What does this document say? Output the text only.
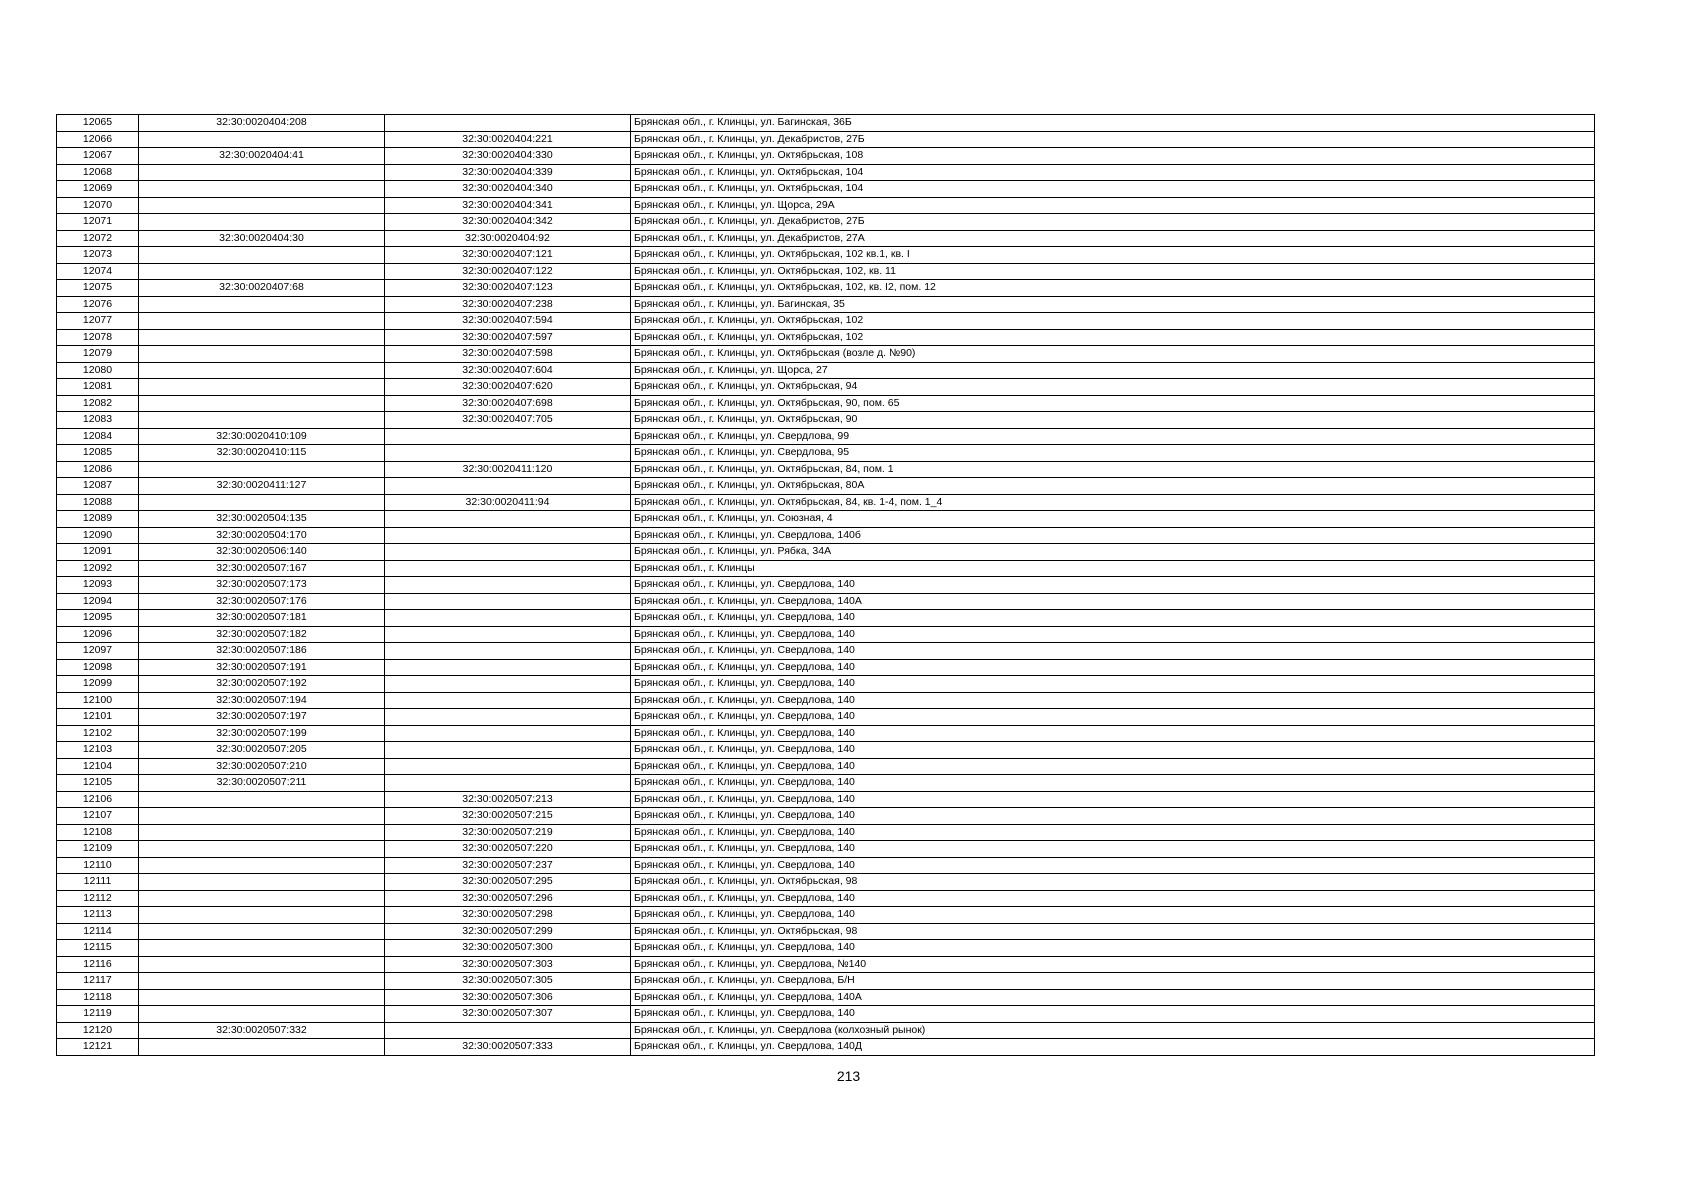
12065	32:30:0020404:208		Брянская обл., г. Клинцы, ул. Багинская, 36Б
12066		32:30:0020404:221	Брянская обл., г. Клинцы, ул. Декабристов, 27Б
12067	32:30:0020404:41	32:30:0020404:330	Брянская обл., г. Клинцы, ул. Октябрьская, 108
12068		32:30:0020404:339	Брянская обл., г. Клинцы, ул. Октябрьская, 104
12069		32:30:0020404:340	Брянская обл., г. Клинцы, ул. Октябрьская, 104
12070		32:30:0020404:341	Брянская обл., г. Клинцы, ул. Щорса, 29А
12071		32:30:0020404:342	Брянская обл., г. Клинцы, ул. Декабристов, 27Б
12072	32:30:0020404:30	32:30:0020404:92	Брянская обл., г. Клинцы, ул. Декабристов, 27А
12073		32:30:0020407:121	Брянская обл., г. Клинцы, ул. Октябрьская, 102 кв.1, кв. I
12074		32:30:0020407:122	Брянская обл., г. Клинцы, ул. Октябрьская, 102, кв. 11
12075	32:30:0020407:68	32:30:0020407:123	Брянская обл., г. Клинцы, ул. Октябрьская, 102, кв. I2, пом. 12
12076		32:30:0020407:238	Брянская обл., г. Клинцы, ул. Багинская, 35
12077		32:30:0020407:594	Брянская обл., г. Клинцы, ул. Октябрьская, 102
12078		32:30:0020407:597	Брянская обл., г. Клинцы, ул. Октябрьская, 102
12079		32:30:0020407:598	Брянская обл., г. Клинцы, ул. Октябрьская (возле д. №90)
12080		32:30:0020407:604	Брянская обл., г. Клинцы, ул. Щорса, 27
12081		32:30:0020407:620	Брянская обл., г. Клинцы, ул. Октябрьская, 94
12082		32:30:0020407:698	Брянская обл., г. Клинцы, ул. Октябрьская, 90, пом. 65
12083		32:30:0020407:705	Брянская обл., г. Клинцы, ул. Октябрьская, 90
12084	32:30:0020410:109		Брянская обл., г. Клинцы, ул. Свердлова, 99
12085	32:30:0020410:115		Брянская обл., г. Клинцы, ул. Свердлова, 95
12086		32:30:0020411:120	Брянская обл., г. Клинцы, ул. Октябрьская, 84, пом. 1
12087	32:30:0020411:127		Брянская обл., г. Клинцы, ул. Октябрьская, 80А
12088		32:30:0020411:94	Брянская обл., г. Клинцы, ул. Октябрьская, 84, кв. 1-4, пом. 1_4
12089	32:30:0020504:135		Брянская обл., г. Клинцы, ул. Союзная, 4
12090	32:30:0020504:170		Брянская обл., г. Клинцы, ул. Свердлова, 140б
12091	32:30:0020506:140		Брянская обл., г. Клинцы, ул. Рябка, 34А
12092	32:30:0020507:167		Брянская обл., г. Клинцы
12093	32:30:0020507:173		Брянская обл., г. Клинцы, ул. Свердлова, 140
12094	32:30:0020507:176		Брянская обл., г. Клинцы, ул. Свердлова, 140А
12095	32:30:0020507:181		Брянская обл., г. Клинцы, ул. Свердлова, 140
12096	32:30:0020507:182		Брянская обл., г. Клинцы, ул. Свердлова, 140
12097	32:30:0020507:186		Брянская обл., г. Клинцы, ул. Свердлова, 140
12098	32:30:0020507:191		Брянская обл., г. Клинцы, ул. Свердлова, 140
12099	32:30:0020507:192		Брянская обл., г. Клинцы, ул. Свердлова, 140
12100	32:30:0020507:194		Брянская обл., г. Клинцы, ул. Свердлова, 140
12101	32:30:0020507:197		Брянская обл., г. Клинцы, ул. Свердлова, 140
12102	32:30:0020507:199		Брянская обл., г. Клинцы, ул. Свердлова, 140
12103	32:30:0020507:205		Брянская обл., г. Клинцы, ул. Свердлова, 140
12104	32:30:0020507:210		Брянская обл., г. Клинцы, ул. Свердлова, 140
12105	32:30:0020507:211		Брянская обл., г. Клинцы, ул. Свердлова, 140
12106		32:30:0020507:213	Брянская обл., г. Клинцы, ул. Свердлова, 140
12107		32:30:0020507:215	Брянская обл., г. Клинцы, ул. Свердлова, 140
12108		32:30:0020507:219	Брянская обл., г. Клинцы, ул. Свердлова, 140
12109		32:30:0020507:220	Брянская обл., г. Клинцы, ул. Свердлова, 140
12110		32:30:0020507:237	Брянская обл., г. Клинцы, ул. Свердлова, 140
12111		32:30:0020507:295	Брянская обл., г. Клинцы, ул. Октябрьская, 98
12112		32:30:0020507:296	Брянская обл., г. Клинцы, ул. Свердлова, 140
12113		32:30:0020507:298	Брянская обл., г. Клинцы, ул. Свердлова, 140
12114		32:30:0020507:299	Брянская обл., г. Клинцы, ул. Октябрьская, 98
12115		32:30:0020507:300	Брянская обл., г. Клинцы, ул. Свердлова, 140
12116		32:30:0020507:303	Брянская обл., г. Клинцы, ул. Свердлова, №140
12117		32:30:0020507:305	Брянская обл., г. Клинцы, ул. Свердлова, Б/Н
12118		32:30:0020507:306	Брянская обл., г. Клинцы, ул. Свердлова, 140А
12119		32:30:0020507:307	Брянская обл., г. Клинцы, ул. Свердлова, 140
12120	32:30:0020507:332		Брянская обл., г. Клинцы, ул. Свердлова (колхозный рынок)
12121		32:30:0020507:333	Брянская обл., г. Клинцы, ул. Свердлова, 140Д
213
